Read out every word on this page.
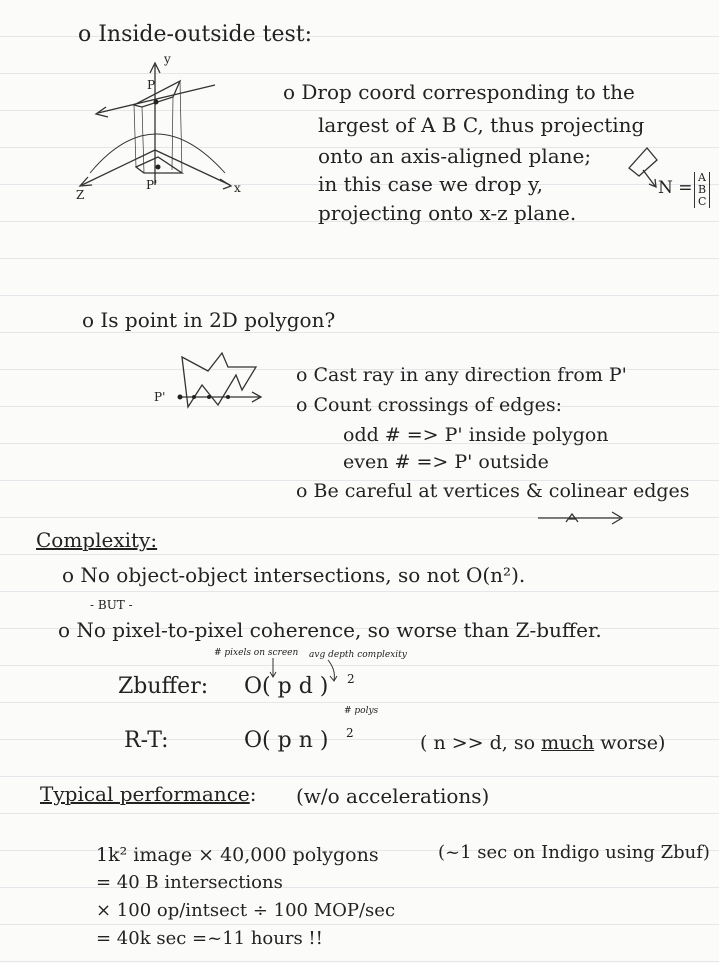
o Inside-outside test:
y
P
P'
Z	x
o Drop coord corresponding to the
largest of A B C, thus projecting
onto an axis-aligned plane;
in this case we drop y,
projecting onto x-z plane.
N =
A
B
C
o Is point in 2D polygon?
P'
o Cast ray in any direction from P'
o Count crossings of edges:
odd # => P' inside polygon
even # => P' outside
o Be careful at vertices & colinear edges
Complexity:
o No object-object intersections, so not O(n²).
- BUT -
o No pixel-to-pixel coherence, so worse than Z-buffer.
# pixels on screen avg depth complexity
Zbuffer: O( p d ) 2
# polys
R-T:	O( p n ) 2	( n >> d, so much worse)
Typical performance: (w/o accelerations)
1k² image × 40,000 polygons	(~1 sec on Indigo using Zbuf)
= 40 B intersections
× 100 op/intsect ÷ 100 MOP/sec
= 40k sec =~11 hours !!
